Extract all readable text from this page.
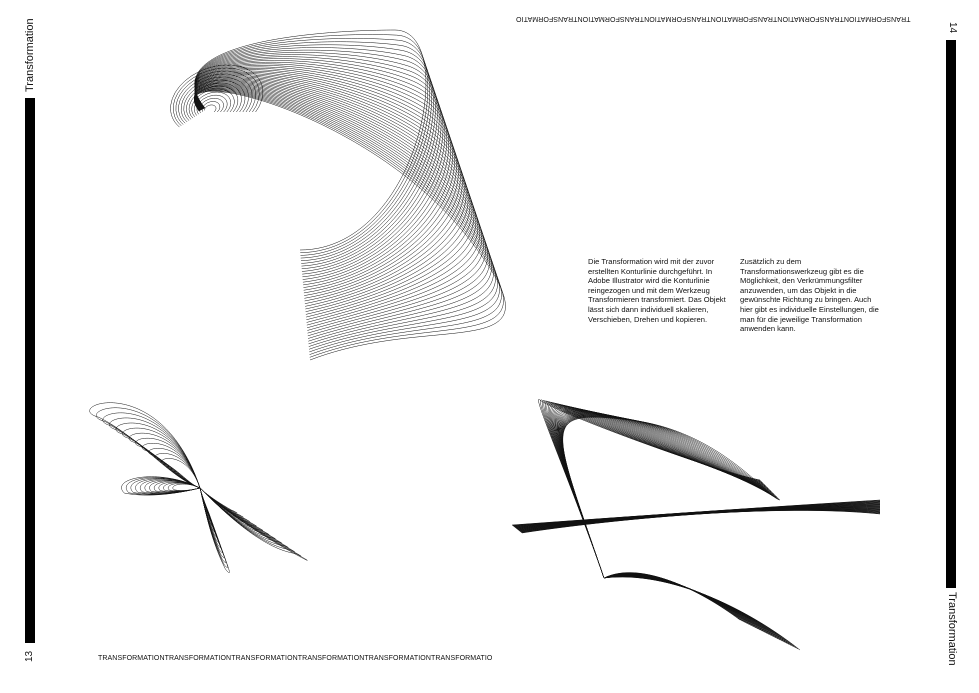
Transformation
13
14
Transformation
TRANSFORMATIONTRANSFORMATIONTRANSFORMATIONTRANSFORMATIONTRANSFORMATIONTRANSFORMATIO
TRANSFORMATIONTRANSFORMATIONTRANSFORMATIONTRANSFORMATIONTRANSFORMATIONTRANSFORMATIO

Die Transformation wird mit der zuvor erstellten Konturlinie durchgeführt. In Adobe Illustrator wird die Konturlinie reingezogen und mit dem Werkzeug Transformieren transformiert. Das Objekt lässt sich dann individuell skalieren, Verschieben, Drehen und kopieren.

Zusätzlich zu dem Transformationswerkzeug gibt es die Möglichkeit, den Verkrümmungsfilter anzuwenden, um das Objekt in die gewünschte Richtung zu bringen. Auch hier gibt es individuelle Einstellungen, die man für die jeweilige Transformation anwenden kann.
